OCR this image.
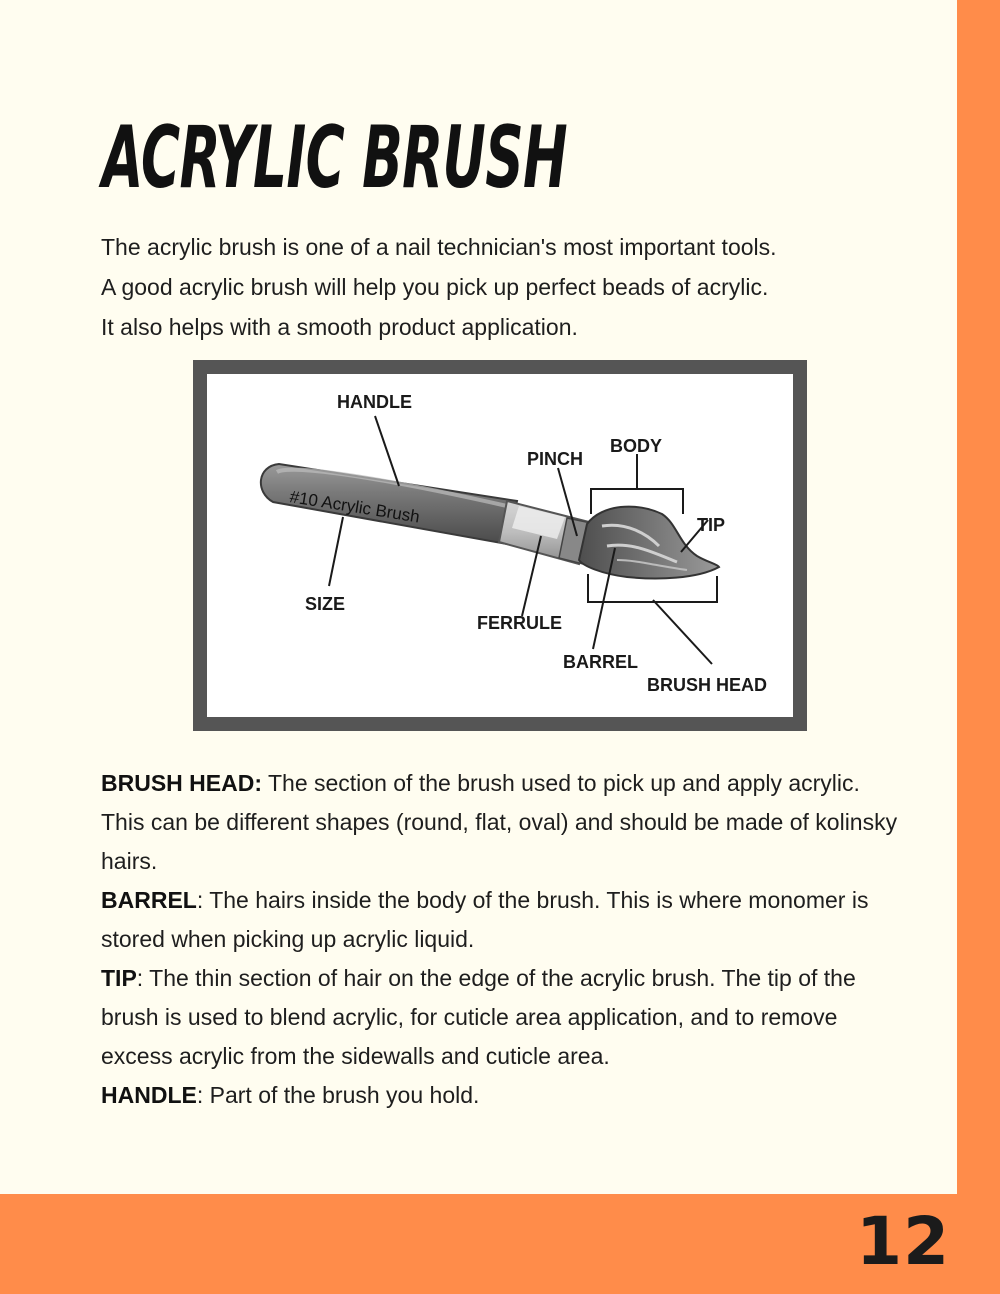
12
ACRYLIC BRUSH
The acrylic brush is one of a nail technician's most important tools.
A good acrylic brush will help you pick up perfect beads of acrylic.
It also helps with a smooth product application.
#10 Acrylic Brush
HANDLE
BODY
PINCH
TIP
SIZE
FERRULE
BARREL
BRUSH HEAD

BRUSH HEAD: The section of the brush used to pick up and apply acrylic. This can be different shapes (round, flat, oval) and should be made of kolinsky hairs.

BARREL: The hairs inside the body of the brush. This is where monomer is stored when picking up acrylic liquid.

TIP: The thin section of hair on the edge of the acrylic brush. The tip of the brush is used to blend acrylic, for cuticle area application, and to remove excess acrylic from the sidewalls and cuticle area.

HANDLE: Part of the brush you hold.
